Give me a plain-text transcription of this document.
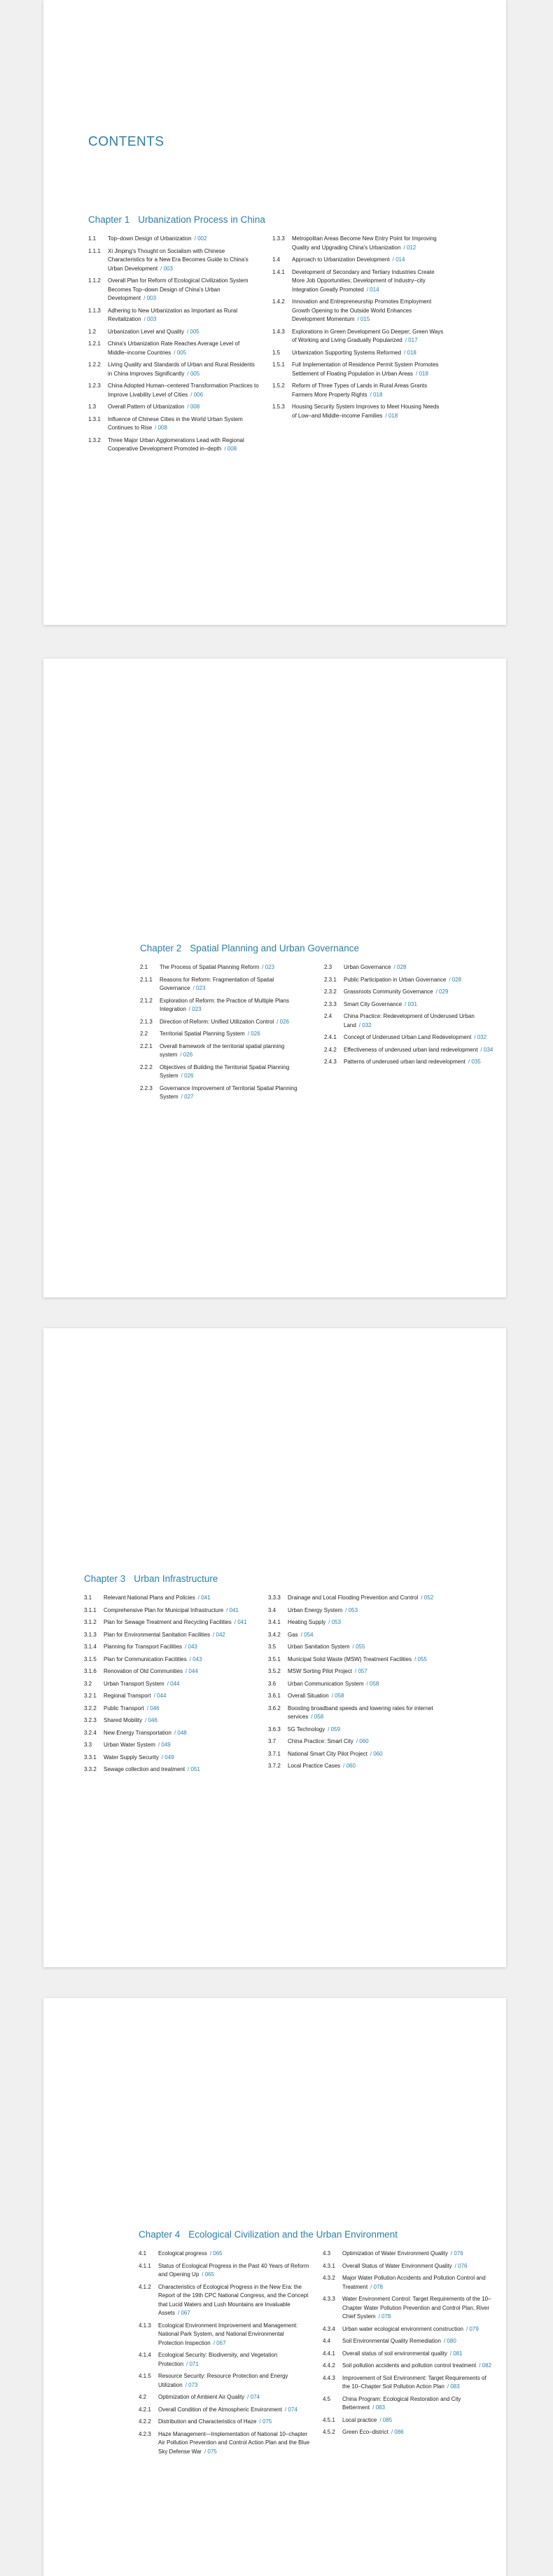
CONTENTS
Chapter 1 Urbanization Process in China
1.1	Top–down Design of Urbanization / 002
1.1.1	Xi Jinping's Thought on Socialism with Chinese Characteristics for a New Era Becomes Guide to China's Urban Development / 003
1.1.2	Overall Plan for Reform of Ecological Civilization System Becomes Top–down Design of China's Urban Development / 003
1.1.3	Adhering to New Urbanization as Important as Rural Revitalization / 003
1.2	Urbanization Level and Quality / 005
1.2.1	China's Urbanization Rate Reaches Average Level of Middle–income Countries / 005
1.2.2	Living Quality and Standards of Urban and Rural Residents in China Improves Significantly / 005
1.2.3	China Adopted Human–centered Transformation Practices to Improve Livability Level of Cities / 006
1.3	Overall Pattern of Urbanization / 008
1.3.1	Influence of Chinese Cities in the World Urban System Continues to Rise / 008
1.3.2	Three Major Urban Agglomerations Lead with Regional Cooperative Development Promoted in–depth / 008
1.3.3	Metropolitan Areas Become New Entry Point for Improving Quality and Upgrading China's Urbanization / 012
1.4	Approach to Urbanization Development / 014
1.4.1	Development of Secondary and Tertiary Industries Create More Job Opportunities; Development of Industry–city Integration Greatly Promoted / 014
1.4.2	Innovation and Entrepreneurship Promotes Employment Growth Opening to the Outside World Enhances Development Momentum / 015
1.4.3	Explorations in Green Development Go Deeper; Green Ways of Working and Living Gradually Popularized / 017
1.5	Urbanization Supporting Systems Reformed / 018
1.5.1	Full Implementation of Residence Permit System Promotes Settlement of Floating Population in Urban Areas / 018
1.5.2	Reform of Three Types of Lands in Rural Areas Grants Farmers More Property Rights / 018
1.5.3	Housing Security System Improves to Meet Housing Needs of Low–and Middle–income Families / 018
Chapter 2 Spatial Planning and Urban Governance
2.1	The Process of Spatial Planning Reform / 023
2.1.1	Reasons for Reform: Fragmentation of Spatial Governance / 023
2.1.2	Exploration of Reform: the Practice of Multiple Plans Integration / 023
2.1.3	Direction of Reform: Unified Utilization Control / 026
2.2	Territorial Spatial Planning System / 026
2.2.1	Overall framework of the territorial spatial planning system / 026
2.2.2	Objectives of Building the Territorial Spatial Planning System / 026
2.2.3	Governance Improvement of Territorial Spatial Planning System / 027
2.3	Urban Governance / 028
2.3.1	Public Participation in Urban Governance / 028
2.3.2	Grassroots Community Governance / 029
2.3.3	Smart City Governance / 031
2.4	China Practice: Redevelopment of Underused Urban Land / 032
2.4.1	Concept of Underused Urban Land Redevelopment / 032
2.4.2	Effectiveness of underused urban land redevelopment / 034
2.4.3	Patterns of underused urban land redevelopment / 035
Chapter 3 Urban Infrastructure
3.1	Relevant National Plans and Policies / 041
3.1.1	Comprehensive Plan for Municipal Infrastructure / 041
3.1.2	Plan for Sewage Treatment and Recycling Facilities / 041
3.1.3	Plan for Environmental Sanitation Facilities / 042
3.1.4	Planning for Transport Facilities / 043
3.1.5	Plan for Communication Facilities / 043
3.1.6	Renovation of Old Communities / 044
3.2	Urban Transport System / 044
3.2.1	Regional Transport / 044
3.2.2	Public Transport / 046
3.2.3	Shared Mobility / 046
3.2.4	New Energy Transportation / 048
3.3	Urban Water System / 049
3.3.1	Water Supply Security / 049
3.3.2	Sewage collection and treatment / 051
3.3.3	Drainage and Local Flooding Prevention and Control / 052
3.4	Urban Energy System / 053
3.4.1	Heating Supply / 053
3.4.2	Gas / 054
3.5	Urban Sanitation System / 055
3.5.1	Municipal Solid Waste (MSW) Treatment Facilities / 055
3.5.2	MSW Sorting Pilot Project / 057
3.6	Urban Communication System / 058
3.6.1	Overall Situation / 058
3.6.2	Boosting broadband speeds and lowering rates for internet services / 058
3.6.3	5G Technology / 059
3.7	China Practice: Smart City / 060
3.7.1	National Smart City Pilot Project / 060
3.7.2	Local Practice Cases / 060
Chapter 4 Ecological Civilization and the Urban Environment
4.1	Ecological progress / 065
4.1.1	Status of Ecological Progress in the Past 40 Years of Reform and Opening Up / 065
4.1.2	Characteristics of Ecological Progress in the New Era: the Report of the 19th CPC National Congress, and the Concept that Lucid Waters and Lush Mountains are Invaluable Assets / 067
4.1.3	Ecological Environment Improvement and Management: National Park System, and National Environmental Protection Inspection / 067
4.1.4	Ecological Security: Biodiversity, and Vegetation Protection / 071
4.1.5	Resource Security: Resource Protection and Energy Utilization / 073
4.2	Optimization of Ambient Air Quality / 074
4.2.1	Overall Condition of the Atmospheric Environment / 074
4.2.2	Distribution and Characteristics of Haze / 075
4.2.3	Haze Management—Implementation of National 10–chapter Air Pollution Prevention and Control Action Plan and the Blue Sky Defense War / 075
4.3	Optimization of Water Environment Quality / 076
4.3.1	Overall Status of Water Environment Quality / 076
4.3.2	Major Water Pollution Accidents and Pollution Control and Treatment / 078
4.3.3	Water Environment Control: Target Requirements of the 10–Chapter Water Pollution Prevention and Control Plan, River Chief System / 078
4.3.4	Urban water ecological environment construction / 079
4.4	Soil Environmental Quality Remediation / 080
4.4.1	Overall status of soil environmental quality / 081
4.4.2	Soil pollution accidents and pollution control treatment / 082
4.4.3	Improvement of Soil Environment: Target Requirements of the 10–Chapter Soil Pollution Action Plan / 083
4.5	China Program: Ecological Restoration and City Betterment / 083
4.5.1	Local practice / 085
4.5.2	Green Eco–district / 086
